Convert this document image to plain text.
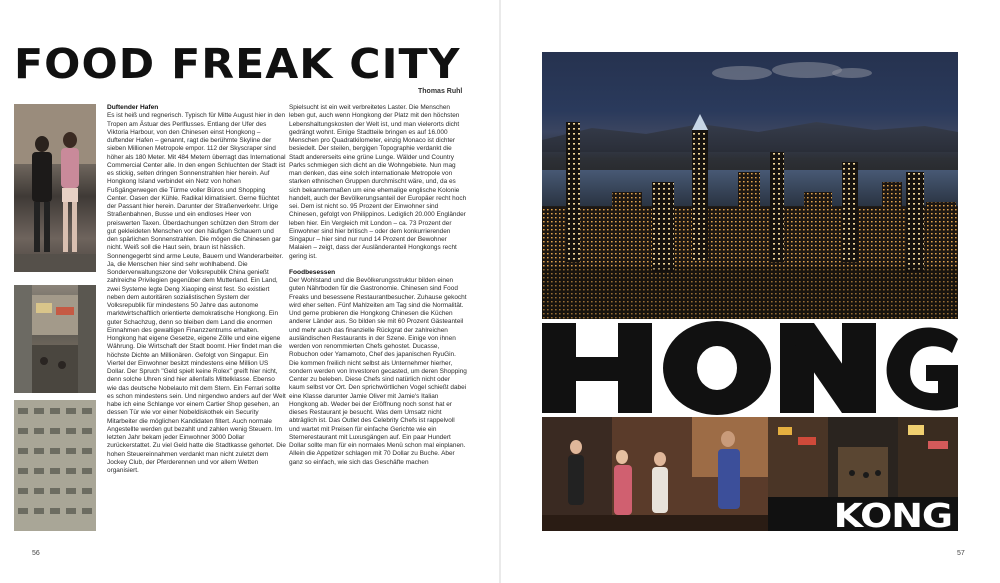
FOOD FREAK CITY
Thomas Ruhl
Duftender Hafen

Es ist heiß und regnerisch. Typisch für Mitte August hier in den Tropen am Ästuar des Perlflusses. Entlang der Ufer des Viktoria Harbour, von den Chinesen einst Hongkong – duftender Hafen – genannt, ragt die berühmte Skyline der sieben Millionen Metropole empor. 112 der Skyscraper sind höher als 180 Meter. Mit 484 Metern überragt das International Commercial Center alle. In den engen Schluchten der Stadt ist es stickig, selten dringen Sonnenstrahlen hier herein. Auf Hongkong Island verbindet ein Netz von hohen Fußgängerwegen die Türme voller Büros und Shopping Center. Oasen der Kühle. Radikal klimatisiert. Gerne flüchtet der Passant hier herein. Darunter der Straßenverkehr. Urige Straßenbahnen, Busse und ein endloses Heer von preiswerten Taxen. Überdachungen schützen den Strom der gut gekleideten Menschen vor den häufigen Schauern und den spärlichen Sonnenstrahlen. Die mögen die Chinesen gar nicht. Weiß soll die Haut sein, braun ist hässlich. Sonnengegerbt sind arme Leute, Bauern und Wanderarbeiter. Ja, die Menschen hier sind sehr wohlhabend. Die Sonderverwaltungszone der Volksrepublik China genießt zahlreiche Privilegien gegenüber dem Mutterland. Ein Land, zwei Systeme legte Deng Xiaoping einst fest. So existiert neben dem autoritären sozialistischen System der Volksrepublik für mindestens 50 Jahre das autonome marktwirtschaftlich orientierte demokratische Hongkong. Ein guter Schachzug, denn so bleiben dem Land die enormen Einnahmen des gewaltigen Finanzzentrums erhalten. Hongkong hat eigene Gesetze, eigene Zölle und eine eigene Währung. Die Wirtschaft der Stadt boomt. Hier findet man die höchste Dichte an Millionären. Gefolgt von Singapur. Ein Viertel der Einwohner besitzt mindestens eine Million US Dollar. Der Spruch "Geld spielt keine Rolex" greift hier nicht, denn solche Uhren sind hier allenfalls Mittelklasse. Ebenso wie das deutsche Nobelauto mit dem Stern. Ein Ferrari sollte es schon mindestens sein. Und nirgendwo anders auf der Welt habe ich eine Schlange vor einem Cartier Shop gesehen, an dessen Tür wie vor einer Nobeldiskothek ein Security Mitarbeiter die möglichen Kandidaten filtert. Auch normale Angestellte werden gut bezahlt und zahlen wenig Steuern. Im letzten Jahr bekam jeder Einwohner 3000 Dollar zurückerstattet. Zu viel Geld hatte die Stadtkasse gehortet. Die hohen Steuereinnahmen verdankt man nicht zuletzt dem Jockey Club, der Pferderennen und vor allem Wetten organisiert.

Spielsucht ist ein weit verbreitetes Laster. Die Menschen leben gut, auch wenn Hongkong der Platz mit den höchsten Lebenshaltungskosten der Welt ist, und man vielerorts dicht gedrängt wohnt. Einige Stadtteile bringen es auf 16.000 Menschen pro Quadratkilometer, einzig Monaco ist dichter besiedelt. Der steilen, bergigen Topographie verdankt die Stadt andererseits eine grüne Lunge. Wälder und Country Parks schmiegen sich dicht an die Wohngebiete. Nun mag man denken, das eine solch internationale Metropole von starken ethnischen Gruppen durchmischt wäre, und, da es sich bekanntermaßen um eine ehemalige englische Kolonie handelt, auch der Bevölkerungsanteil der Europäer recht hoch sei. Dem ist nicht so. 95 Prozent der Einwohner sind Chinesen, gefolgt von Philippinos. Lediglich 20.000 Engländer leben hier. Ein Vergleich mit London – ca. 73 Prozent der Einwohner sind hier britisch – oder dem konkurrierenden Singapur – hier sind nur rund 14 Prozent der Bewohner Malaien – zeigt, dass der Ausländeranteil Hongkongs recht gering ist.

Foodbesessen

Der Wohlstand und die Bevölkerungsstruktur bilden einen guten Nährboden für die Gastronomie. Chinesen sind Food Freaks und besessene Restaurantbesucher. Zuhause gekocht wird eher selten. Fünf Mahlzeiten am Tag sind die Normalität. Und gerne probieren die Hongkong Chinesen die Küchen anderer Länder aus. So bilden sie mit 60 Prozent Gästeanteil und mehr auch das finanzielle Rückgrat der zahlreichen ausländischen Restaurants in der Szene. Einige von ihnen werden von renommierten Chefs gehostet. Ducasse, Robuchon oder Yamamoto, Chef des japanischen RyuGin. Die kommen freilich nicht selbst als Unternehmer hierher, sondern werden von Investoren gecasted, um deren Shopping Center zu beleben. Diese Chefs sind natürlich nicht oder kaum selbst vor Ort. Den sprichwörtlichen Vogel schießt dabei eine Klasse darunter Jamie Oliver mit Jamie's Italian Hongkong ab. Weder bei der Eröffnung noch sonst hat er dieses Restaurant je besucht. Was dem Umsatz nicht abträglich ist. Das Outlet des Celebrity Chefs ist rappelvoll und wartet mit Preisen für einfache Gerichte wie ein Sternerestaurant mit Luxusgängen auf. Ein paar Hundert Dollar sollte man für ein normales Menü schon mal einplanen. Allein die Appetizer schlagen mit 70 Dollar zu Buche. Aber ganz so einfach, wie sich das Geschäfte machen

56
KONG
57
